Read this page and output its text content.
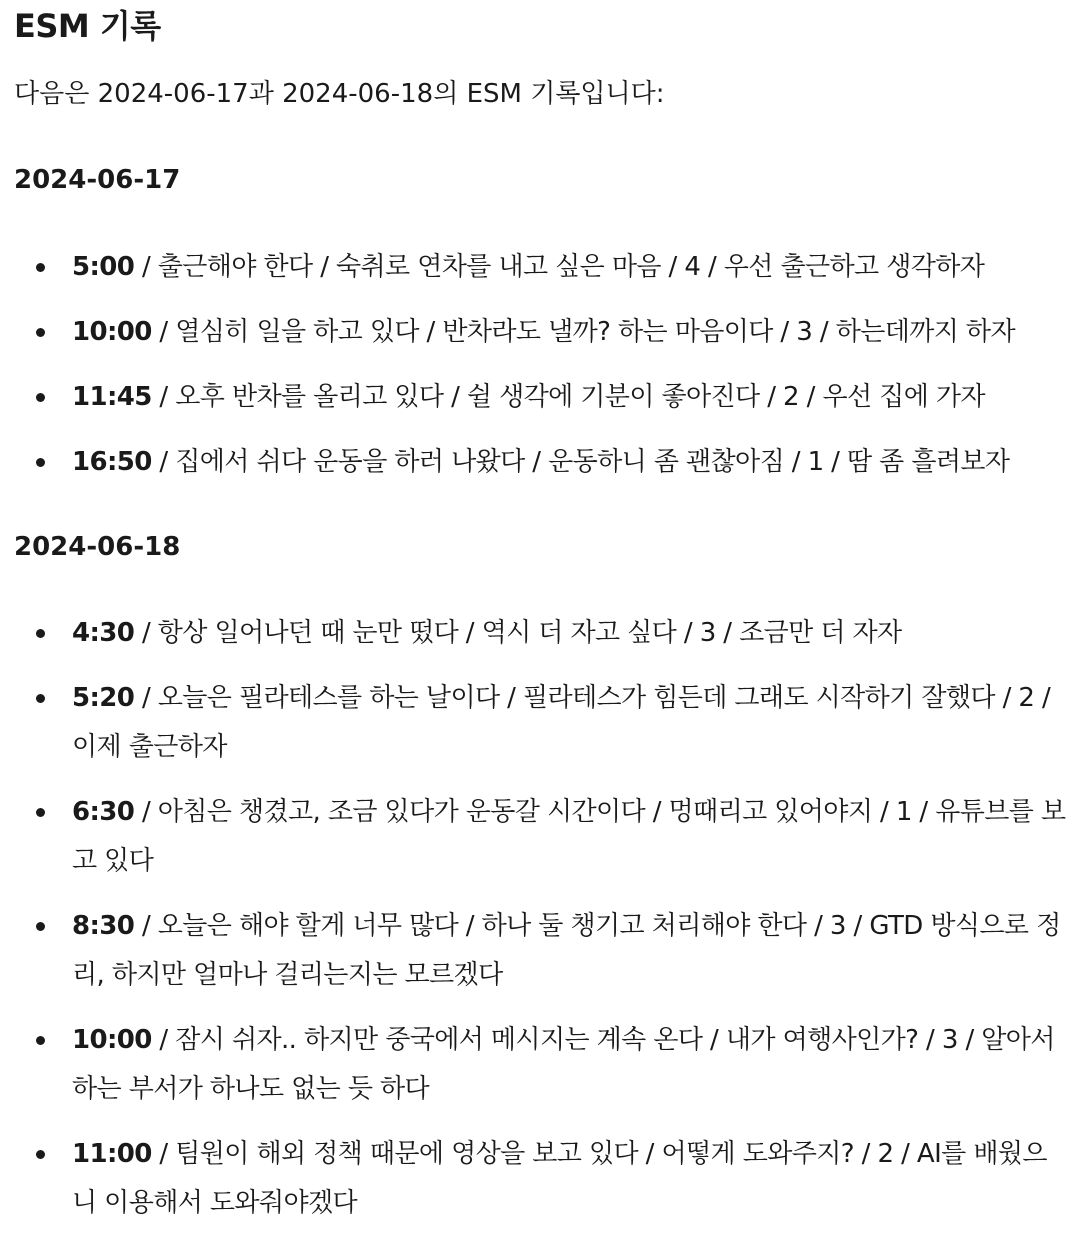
ESM 기록

다음은 2024-06-17과 2024-06-18의 ESM 기록입니다:

2024-06-17
5:00 / 출근해야 한다 / 숙취로 연차를 내고 싶은 마음 / 4 / 우선 출근하고 생각하자
10:00 / 열심히 일을 하고 있다 / 반차라도 낼까? 하는 마음이다 / 3 / 하는데까지 하자
11:45 / 오후 반차를 올리고 있다 / 쉴 생각에 기분이 좋아진다 / 2 / 우선 집에 가자
16:50 / 집에서 쉬다 운동을 하러 나왔다 / 운동하니 좀 괜찮아짐 / 1 / 땀 좀 흘려보자
2024-06-18
4:30 / 항상 일어나던 때 눈만 떴다 / 역시 더 자고 싶다 / 3 / 조금만 더 자자
5:20 / 오늘은 필라테스를 하는 날이다 / 필라테스가 힘든데 그래도 시작하기 잘했다 / 2 / 이제 출근하자
6:30 / 아침은 챙겼고, 조금 있다가 운동갈 시간이다 / 멍때리고 있어야지 / 1 / 유튜브를 보고 있다
8:30 / 오늘은 해야 할게 너무 많다 / 하나 둘 챙기고 처리해야 한다 / 3 / GTD 방식으로 정리, 하지만 얼마나 걸리는지는 모르겠다
10:00 / 잠시 쉬자.. 하지만 중국에서 메시지는 계속 온다 / 내가 여행사인가? / 3 / 알아서 하는 부서가 하나도 없는 듯 하다
11:00 / 팀원이 해외 정책 때문에 영상을 보고 있다 / 어떻게 도와주지? / 2 / AI를 배웠으니 이용해서 도와줘야겠다
